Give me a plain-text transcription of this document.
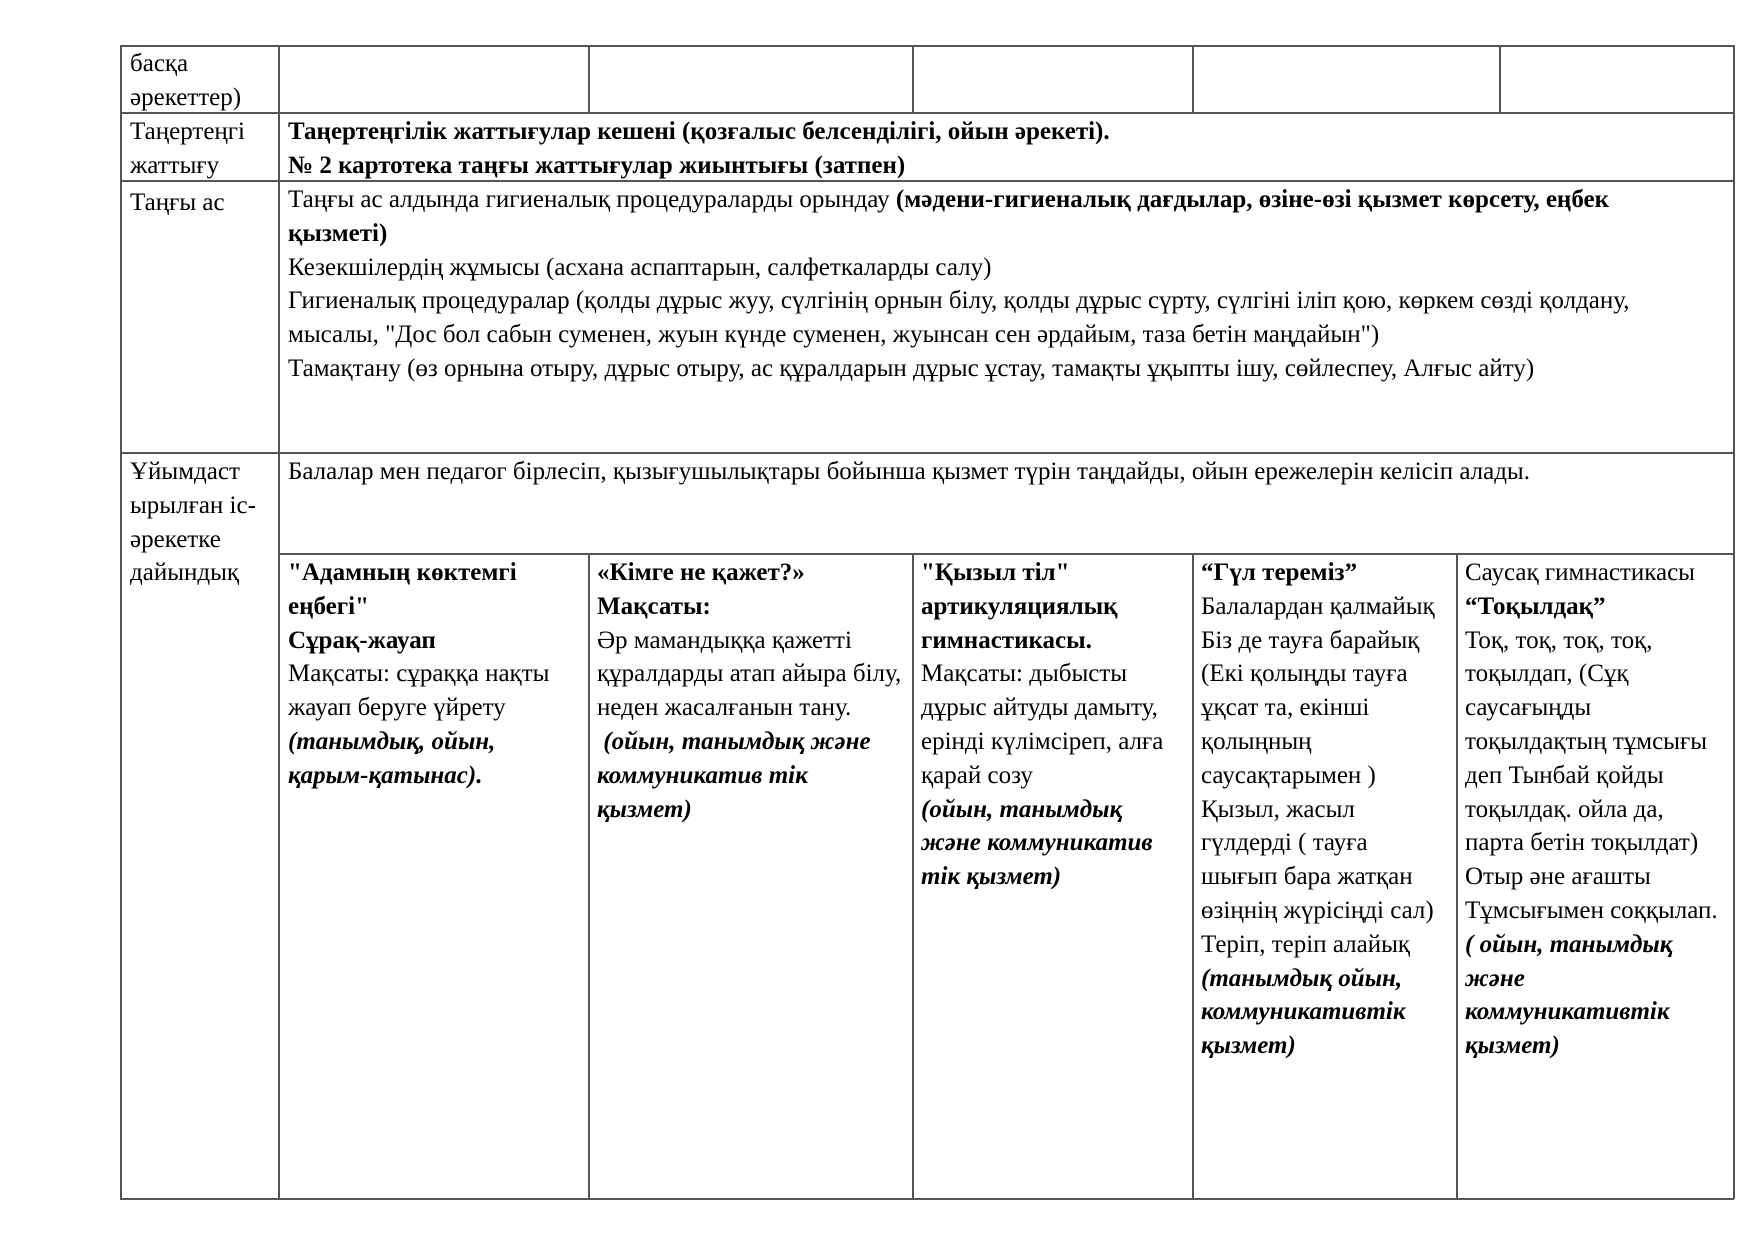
басқа әрекеттер)

Таңертеңгі жаттығу

Таңертеңгілік жаттығулар кешені (қозғалыс белсенділігі, ойын әрекеті).

№ 2 картотека таңғы жаттығулар жиынтығы (затпен)

Таңғы ас	Таңғы ас алдында гигиеналық процедураларды орындау (мәдени-гигиеналық дағдылар, өзіне-өзі қызмет көрсету, еңбек қызметі)

Кезекшілердің жұмысы (асхана аспаптарын, салфеткаларды салу)

Гигиеналық процедуралар (қолды дұрыс жуу, сүлгінің орнын білу, қолды дұрыс сүрту, сүлгіні іліп қою, көркем сөзді қолдану, мысалы, "Дос бол сабын суменен, жуын күнде суменен, жуынсан сен әрдайым, таза бетін маңдайын")

Тамақтану (өз орнына отыру, дұрыс отыру, ас құралдарын дұрыс ұстау, тамақты ұқыпты ішу, сөйлеспеу, Алғыс айту)

Ұйымдаст ырылған іс-әрекетке дайындық

Балалар мен педагог бірлесіп, қызығушылықтары бойынша қызмет түрін таңдайды, ойын ережелерін келісіп алады.

"Адамның көктемгі еңбегі"

Сұрақ-жауап

Мақсаты: сұраққа нақты жауап беруге үйрету

(танымдық, ойын, қарым-қатынас).

«Кімге не қажет?»

Мақсаты:

Әр мамандыққа қажетті құралдарды атап айыра білу, неден жасалғанын тану.

(ойын, танымдық және коммуникатив тік қызмет)

"Қызыл тіл" артикуляциялық гимнастикасы.

Мақсаты: дыбысты дұрыс айтуды дамыту, еріндi күлімсіреп, алға қарай созу

(ойын, танымдық және коммуникатив тік қызмет)

“Гүл тереміз”

Балалардан қалмайық Біз де тауға барайық (Екі қолыңды тауға ұқсат та, екінші қолыңның саусақтарымен ) Қызыл, жасыл гүлдерді ( тауға шығып бара жатқан өзіңнің жүрісіңді сал) Теріп, теріп алайық

(танымдық ойын, коммуникативтік қызмет)

Саусақ гимнастикасы “Тоқылдақ”

Тоқ, тоқ, тоқ, тоқ, тоқылдап, (Сұқ саусағыңды тоқылдақтың тұмсығы деп Тынбай қойды тоқылдақ. ойла да, парта бетін тоқылдат) Отыр әне ағашты Тұмсығымен соққылап.

( ойын, танымдық және коммуникативтік қызмет)
